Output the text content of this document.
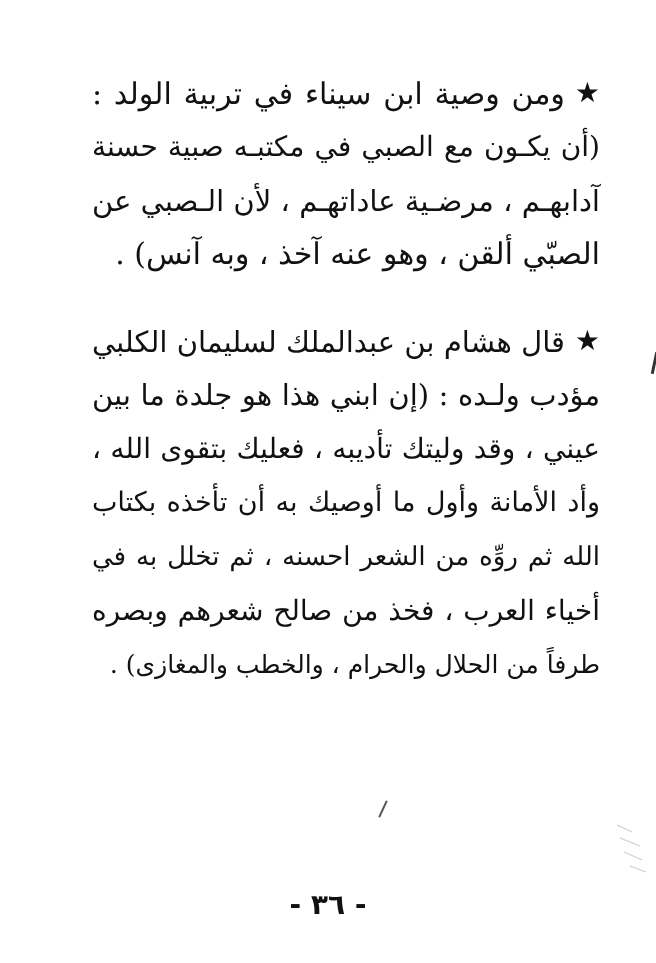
★ومن وصية ابن سيناء في تربية الولد :
(أن يكـون مع الصبي في مكتبـه صبية حسنة
آدابهـم ، مرضـية عاداتهـم ، لأن الـصبي عن
الصبّي ألقن ، وهو عنه آخذ ، وبه آنس) .
★قال هشام بن عبدالملك لسليمان الكلبي
مؤدب ولـده : (إن ابني هذا هو جلدة ما بين
عيني ، وقد وليتك تأديبه ، فعليك بتقوى الله ،
وأد الأمانة وأول ما أوصيك به أن تأخذه بكتاب
الله ثم روِّه من الشعر احسنه ، ثم تخلل به في
أخياء العرب ، فخذ من صالح شعرهم وبصره
طرفاً من الحلال والحرام ، والخطب والمغازى) .
- ٣٦ -
